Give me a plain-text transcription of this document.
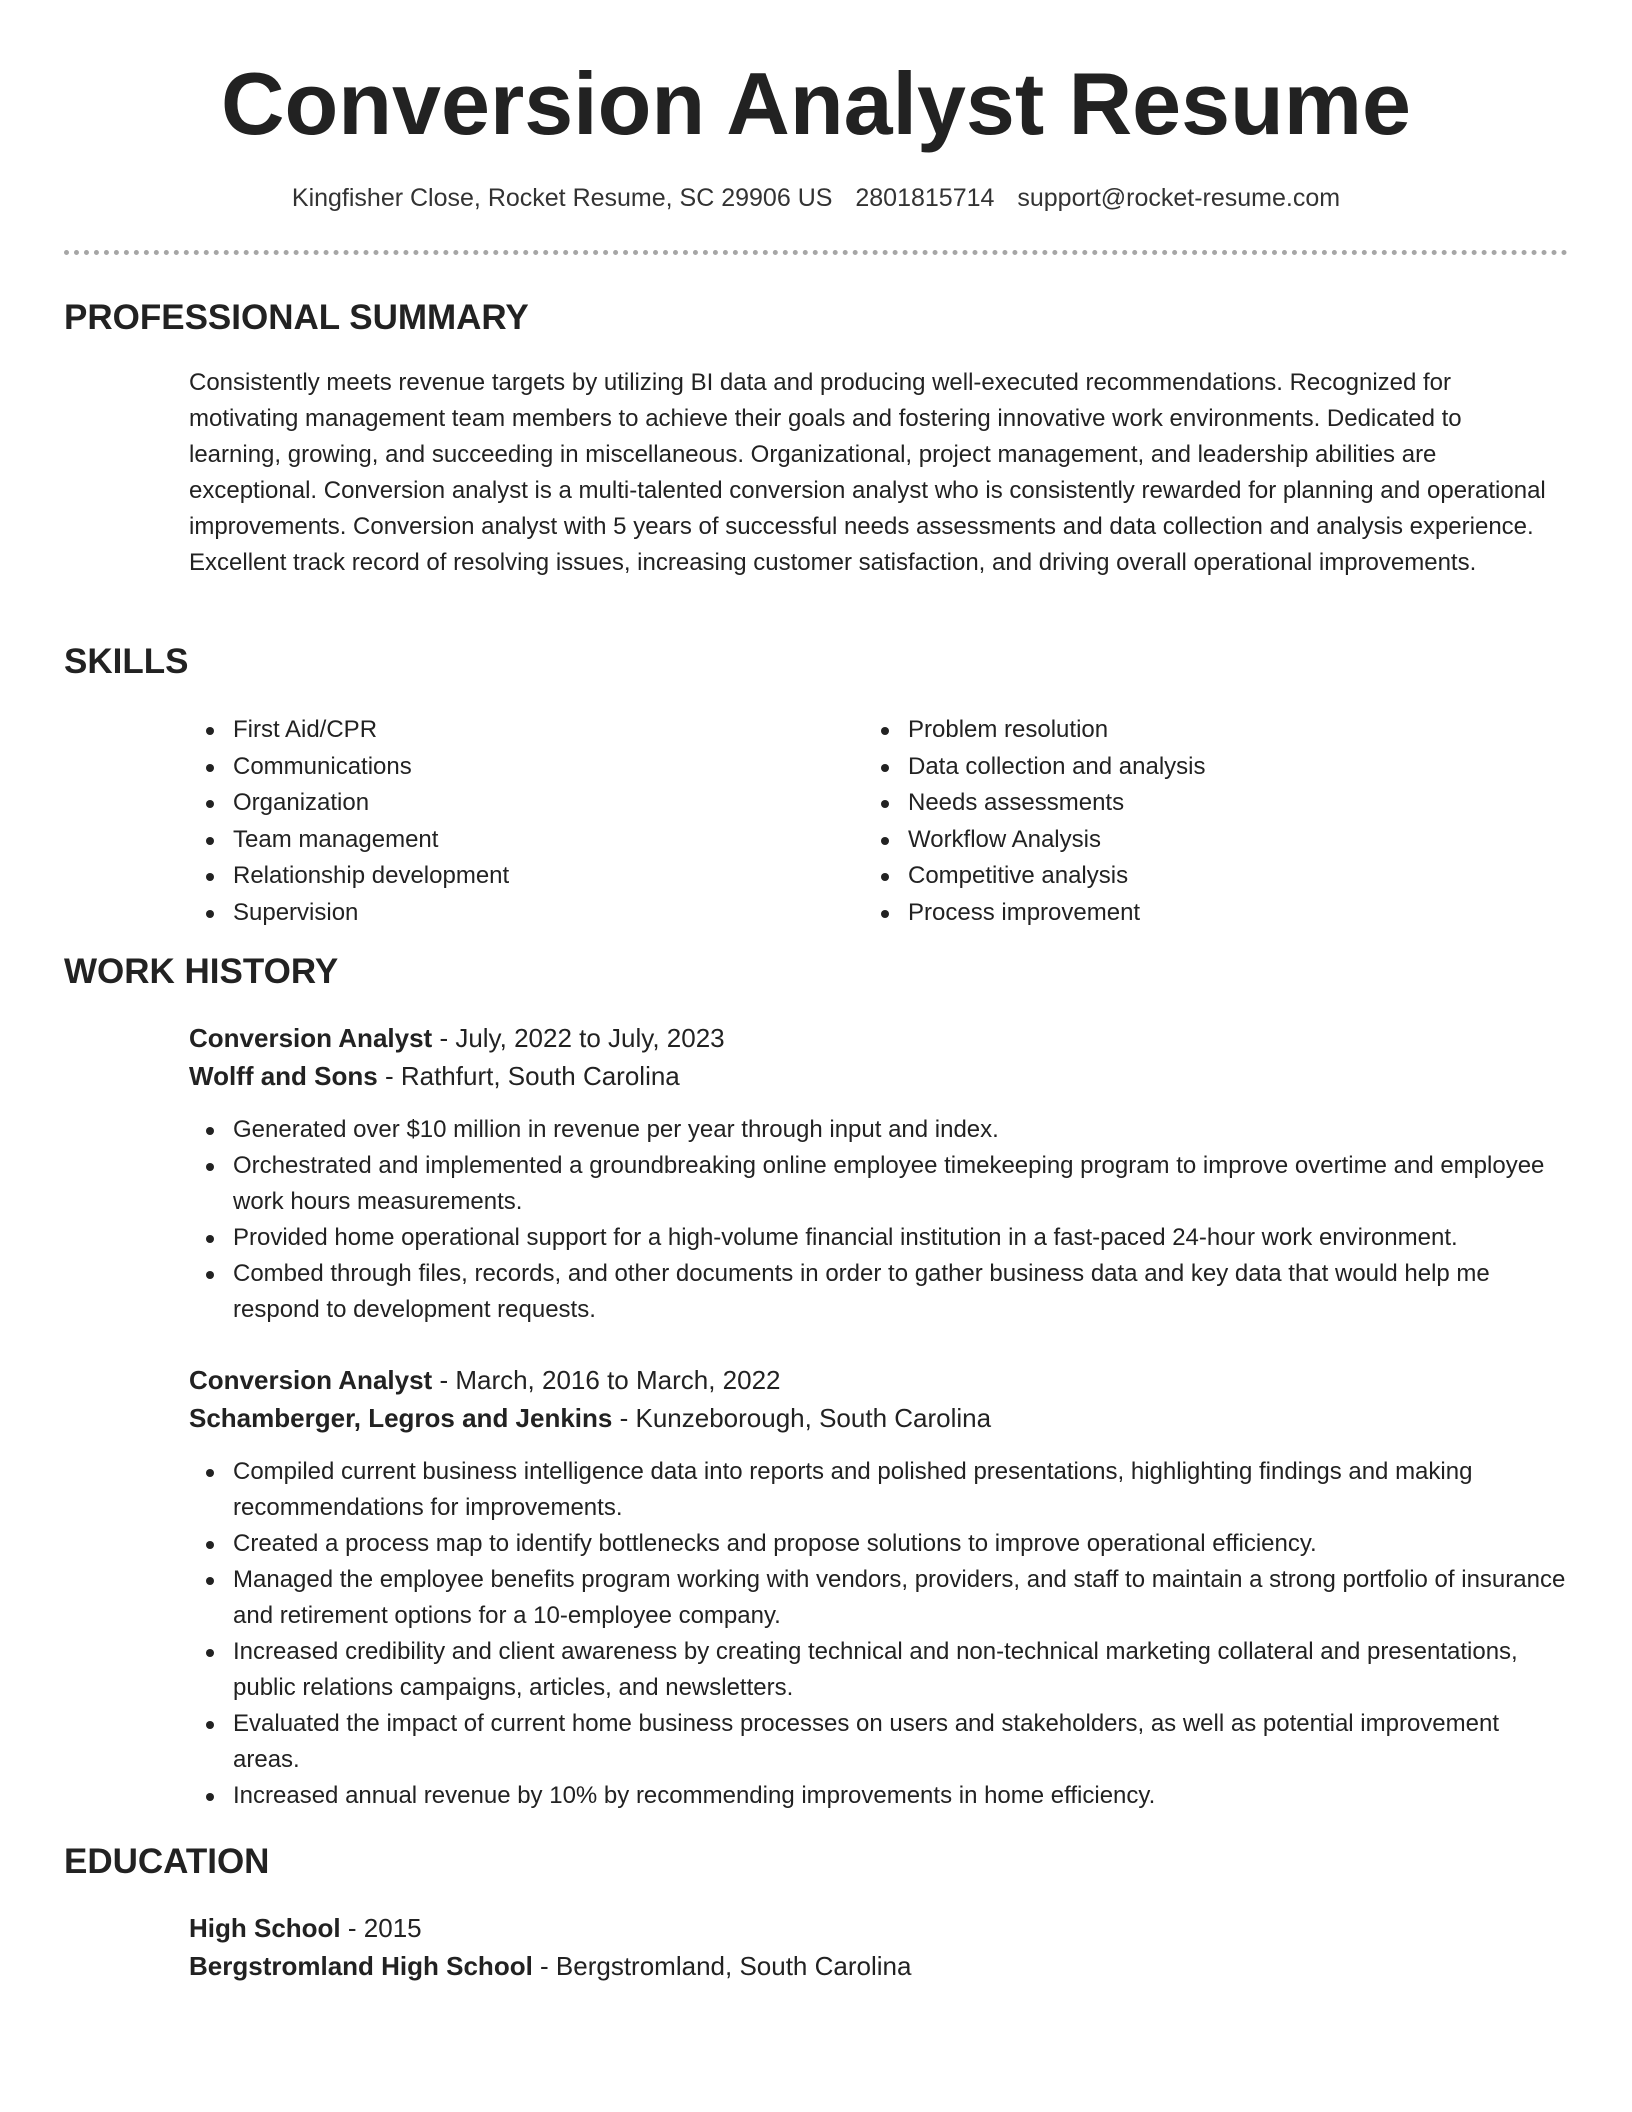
Conversion Analyst Resume
Kingfisher Close, Rocket Resume, SC 29906 US 2801815714 support@rocket-resume.com
PROFESSIONAL SUMMARY

Consistently meets revenue targets by utilizing BI data and producing well-executed recommendations. Recognized for motivating management team members to achieve their goals and fostering innovative work environments. Dedicated to learning, growing, and succeeding in miscellaneous. Organizational, project management, and leadership abilities are exceptional. Conversion analyst is a multi-talented conversion analyst who is consistently rewarded for planning and operational improvements. Conversion analyst with 5 years of successful needs assessments and data collection and analysis experience. Excellent track record of resolving issues, increasing customer satisfaction, and driving overall operational improvements.

SKILLS
First Aid/CPR
Communications
Organization
Team management
Relationship development
Supervision
Problem resolution
Data collection and analysis
Needs assessments
Workflow Analysis
Competitive analysis
Process improvement
WORK HISTORY
Conversion Analyst - July, 2022 to July, 2023
Wolff and Sons - Rathfurt, South Carolina
Generated over $10 million in revenue per year through input and index.
Orchestrated and implemented a groundbreaking online employee timekeeping program to improve overtime and employee work hours measurements.
Provided home operational support for a high-volume financial institution in a fast-paced 24-hour work environment.
Combed through files, records, and other documents in order to gather business data and key data that would help me respond to development requests.
Conversion Analyst - March, 2016 to March, 2022
Schamberger, Legros and Jenkins - Kunzeborough, South Carolina
Compiled current business intelligence data into reports and polished presentations, highlighting findings and making recommendations for improvements.
Created a process map to identify bottlenecks and propose solutions to improve operational efficiency.
Managed the employee benefits program working with vendors, providers, and staff to maintain a strong portfolio of insurance and retirement options for a 10-employee company.
Increased credibility and client awareness by creating technical and non-technical marketing collateral and presentations, public relations campaigns, articles, and newsletters.
Evaluated the impact of current home business processes on users and stakeholders, as well as potential improvement areas.
Increased annual revenue by 10% by recommending improvements in home efficiency.
EDUCATION
High School - 2015
Bergstromland High School - Bergstromland, South Carolina
